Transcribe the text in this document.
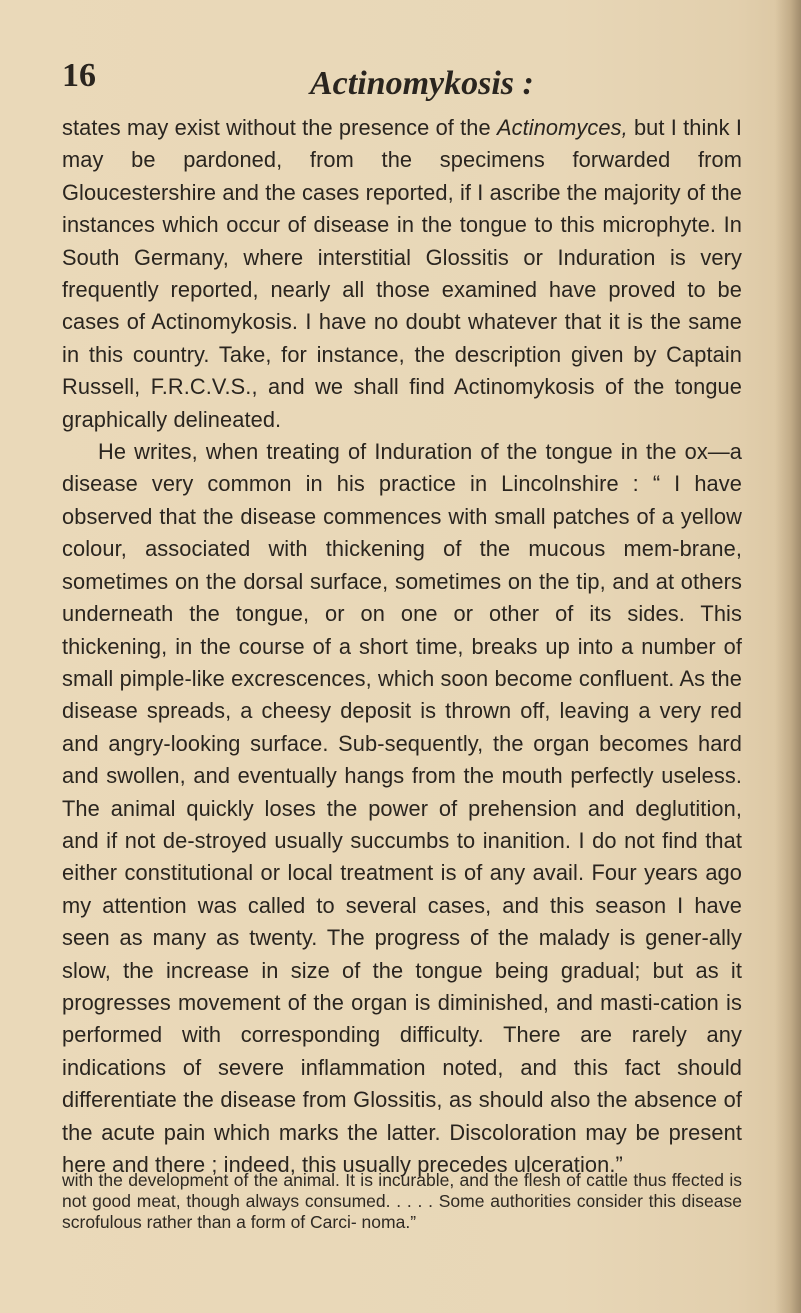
16	Actinomykosis :

states may exist without the presence of the Actinomyces, but I think I may be pardoned, from the specimens forwarded from Gloucestershire and the cases reported, if I ascribe the majority of the instances which occur of disease in the tongue to this microphyte. In South Germany, where interstitial Glossitis or Induration is very frequently reported, nearly all those examined have proved to be cases of Actinomykosis. I have no doubt whatever that it is the same in this country. Take, for instance, the description given by Captain Russell, F.R.C.V.S., and we shall find Actinomykosis of the tongue graphically delineated.

He writes, when treating of Induration of the tongue in the ox—a disease very common in his practice in Lincolnshire : “ I have observed that the disease commences with small patches of a yellow colour, associated with thickening of the mucous mem-brane, sometimes on the dorsal surface, sometimes on the tip, and at others underneath the tongue, or on one or other of its sides. This thickening, in the course of a short time, breaks up into a number of small pimple-like excrescences, which soon become confluent. As the disease spreads, a cheesy deposit is thrown off, leaving a very red and angry-looking surface. Sub-sequently, the organ becomes hard and swollen, and eventually hangs from the mouth perfectly useless. The animal quickly loses the power of prehension and deglutition, and if not de-stroyed usually succumbs to inanition. I do not find that either constitutional or local treatment is of any avail. Four years ago my attention was called to several cases, and this season I have seen as many as twenty. The progress of the malady is gener-ally slow, the increase in size of the tongue being gradual; but as it progresses movement of the organ is diminished, and masti-cation is performed with corresponding difficulty. There are rarely any indications of severe inflammation noted, and this fact should differentiate the disease from Glossitis, as should also the absence of the acute pain which marks the latter. Discoloration may be present here and there ; indeed, this usually precedes ulceration.”

with the development of the animal. It is incurable, and the flesh of cattle thus ffected is not good meat, though always consumed. . . . . Some authorities consider this disease scrofulous rather than a form of Carci- noma.”
